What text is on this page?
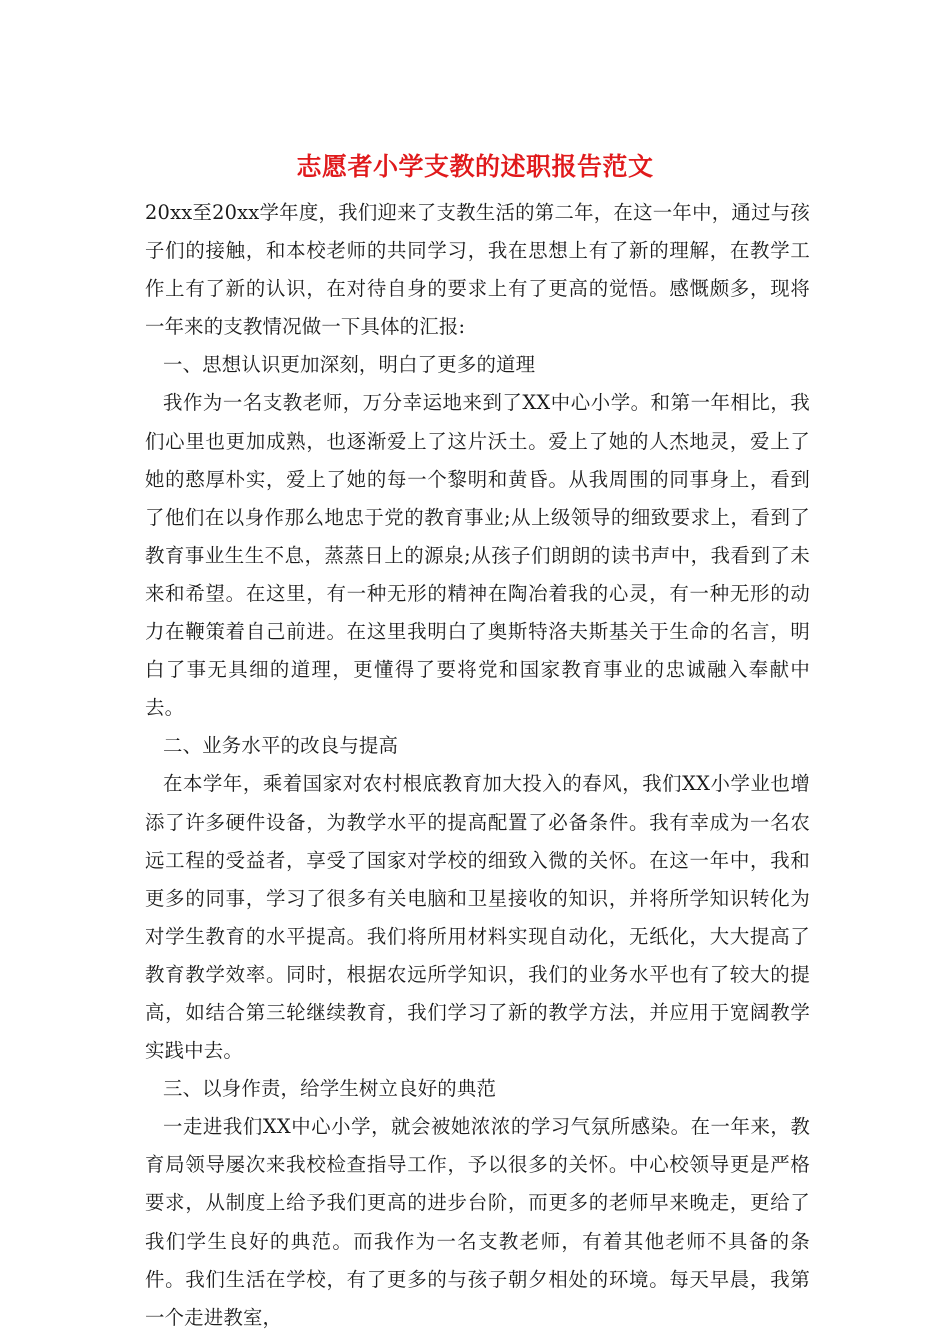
志愿者小学支教的述职报告范文

20xx至20xx学年度，我们迎来了支教生活的第二年，在这一年中，通过与孩子们的接触，和本校老师的共同学习，我在思想上有了新的理解，在教学工作上有了新的认识，在对待自身的要求上有了更高的觉悟。感慨颇多，现将一年来的支教情况做一下具体的汇报:

一、思想认识更加深刻，明白了更多的道理

我作为一名支教老师，万分幸运地来到了XX中心小学。和第一年相比，我们心里也更加成熟，也逐渐爱上了这片沃土。爱上了她的人杰地灵，爱上了她的憨厚朴实，爱上了她的每一个黎明和黄昏。从我周围的同事身上，看到了他们在以身作那么地忠于党的教育事业;从上级领导的细致要求上，看到了教育事业生生不息，蒸蒸日上的源泉;从孩子们朗朗的读书声中，我看到了未来和希望。在这里，有一种无形的精神在陶冶着我的心灵，有一种无形的动力在鞭策着自己前进。在这里我明白了奥斯特洛夫斯基关于生命的名言，明白了事无具细的道理，更懂得了要将党和国家教育事业的忠诚融入奉献中去。

二、业务水平的改良与提高

在本学年，乘着国家对农村根底教育加大投入的春风，我们XX小学业也增添了许多硬件设备，为教学水平的提高配置了必备条件。我有幸成为一名农远工程的受益者，享受了国家对学校的细致入微的关怀。在这一年中，我和更多的同事，学习了很多有关电脑和卫星接收的知识，并将所学知识转化为对学生教育的水平提高。我们将所用材料实现自动化，无纸化，大大提高了教育教学效率。同时，根据农远所学知识，我们的业务水平也有了较大的提高，如结合第三轮继续教育，我们学习了新的教学方法，并应用于宽阔教学实践中去。

三、以身作责，给学生树立良好的典范

一走进我们XX中心小学，就会被她浓浓的学习气氛所感染。在一年来，教育局领导屡次来我校检查指导工作，予以很多的关怀。中心校领导更是严格要求，从制度上给予我们更高的进步台阶，而更多的老师早来晚走，更给了我们学生良好的典范。而我作为一名支教老师，有着其他老师不具备的条件。我们生活在学校，有了更多的与孩子朝夕相处的环境。每天早晨，我第一个走进教室，
